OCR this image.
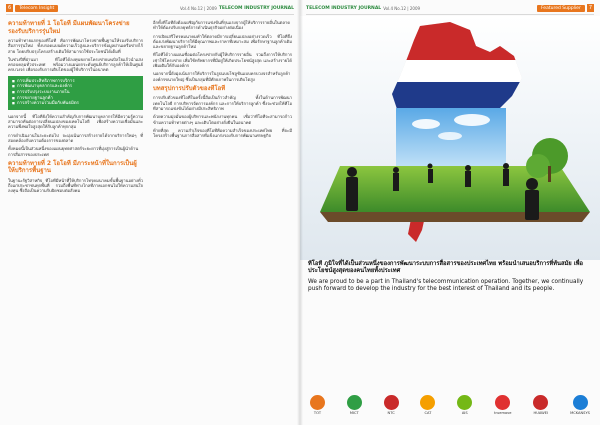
6	Telecom Insight	Vol.4 No.12 | 2009 TELECOM INDUSTRY JOURNAL
ความท้าทายที่ 1 โอโอที มีแผนพัฒนาโครงข่ายรองรับบริการรุ่นใหม่

ความท้าทายแรกของทีโอที คือการพัฒนาโครงข่ายพื้นฐานให้รองรับบริการสื่อสารรุ่นใหม่ ทั้งบรอดแบนด์ความเร็วสูงและบริการข้อมูลผ่านเครือข่ายไร้สาย โดยปรับปรุงโครงสร้างเดิมให้สามารถใช้ประโยชน์ได้เต็มที่

ในช่วงปีที่ผ่านมา ทีโอทีได้ลงทุนขยายโครงข่ายเคเบิลใยแก้วนำแสงครอบคลุมทั่วประเทศ พร้อมวางแผนยกระดับศูนย์บริการลูกค้าให้เป็นศูนย์ครบวงจร เพื่อรองรับการเติบโตของผู้ใช้บริการในอนาคต

■ การเพิ่มประสิทธิภาพการบริการ
■ การพัฒนาบุคลากรและองค์กร
■ การปรับปรุงระบบงานภายใน
■ การขยายฐานลูกค้า
■ การสร้างความร่วมมือกับพันธมิตร

นอกจากนี้ ทีโอทียังให้ความสำคัญกับการพัฒนาบุคลากรให้มีความรู้ความสามารถทันต่อการเปลี่ยนแปลงของเทคโนโลยี เพื่อสร้างความเชื่อมั่นและความพึงพอใจสูงสุดให้กับลูกค้าทุกกลุ่ม

การดำเนินงานในระยะต่อไป จะมุ่งเน้นการสร้างรายได้จากบริการใหม่ๆ ที่สอดคล้องกับความต้องการของตลาด

ทั้งหมดนี้เป็นส่วนหนึ่งของแผนยุทธศาสตร์ระยะยาวที่มุ่งสู่การเป็นผู้นำด้านการสื่อสารของประเทศ

ความท้าทายที่ 2 โอโอที มีภาระหน้าที่ในการเป็นผู้ให้บริการพื้นฐาน

ในฐานะรัฐวิสาหกิจ ทีโอทีมีหน้าที่ให้บริการโทรคมนาคมขั้นพื้นฐานอย่างทั่วถึงแก่ประชาชนทุกพื้นที่ รวมถึงพื้นที่ห่างไกลที่ภาคเอกชนไม่ให้ความสนใจลงทุน ซึ่งถือเป็นความรับผิดชอบต่อสังคม

อีกทั้งทีโอทียังต้องเผชิญกับการแข่งขันที่รุนแรงจากผู้ให้บริการรายอื่นในตลาด ทำให้ต้องปรับกลยุทธ์การดำเนินธุรกิจอย่างต่อเนื่อง

การเปิดเสรีโทรคมนาคมทำให้ตลาดมีการเปลี่ยนแปลงอย่างรวดเร็ว ทีโอทีจึงต้องเร่งพัฒนาบริการให้มีคุณภาพและราคาที่เหมาะสม เพื่อรักษาฐานลูกค้าเดิมและขยายฐานลูกค้าใหม่

ทีโอทีได้วางแผนเชื่อมต่อโครงข่ายกับผู้ให้บริการรายอื่น รวมถึงการให้บริการเช่าใช้โครงข่าย เพื่อใช้ทรัพยากรที่มีอยู่ให้เกิดประโยชน์สูงสุด และสร้างรายได้เพิ่มเติมให้กับองค์กร

นอกจากนี้ยังมุ่งเน้นการให้บริการในรูปแบบโซลูชันแบบครบวงจรสำหรับลูกค้าองค์กรขนาดใหญ่ ซึ่งเป็นกลุ่มที่มีศักยภาพในการเติบโตสูง

บทสรุปการปรับตัวของทีโอที

การปรับตัวของทีโอทีในครั้งนี้ถือเป็นก้าวสำคัญ ทั้งในด้านการพัฒนาเทคโนโลยี การบริหารจัดการองค์กร และการให้บริการลูกค้า ซึ่งจะช่วยให้ทีโอทีสามารถแข่งขันได้อย่างมีประสิทธิภาพ

ด้วยความมุ่งมั่นของผู้บริหารและพนักงานทุกคน เชื่อว่าทีโอทีจะสามารถก้าวข้ามความท้าทายต่างๆ และเติบโตอย่างยั่งยืนในอนาคต

ท้ายที่สุด ความสำเร็จของทีโอทีคือความสำเร็จของประเทศไทย ที่จะมีโครงสร้างพื้นฐานการสื่อสารที่แข็งแกร่งรองรับการพัฒนาเศรษฐกิจ

TELECOM INDUSTRY JOURNAL Vol.4 No.12 | 2009	Featured Supplier	7

ทีโอที ภูมิใจที่ได้เป็นส่วนหนึ่งของการพัฒนาระบบการสื่อสารของประเทศไทย พร้อมนำเสนอบริการที่ทันสมัย เพื่อประโยชน์สูงสุดของคนไทยทั้งประเทศ

We are proud to be a part in Thailand's telecommunication operation. Together, we continually push forward to develop the industry for the best interest of Thailand and its people.

TOT	MICT	NTC	CAT	AIS	truemove	HUAWEI	MCKANSYS
